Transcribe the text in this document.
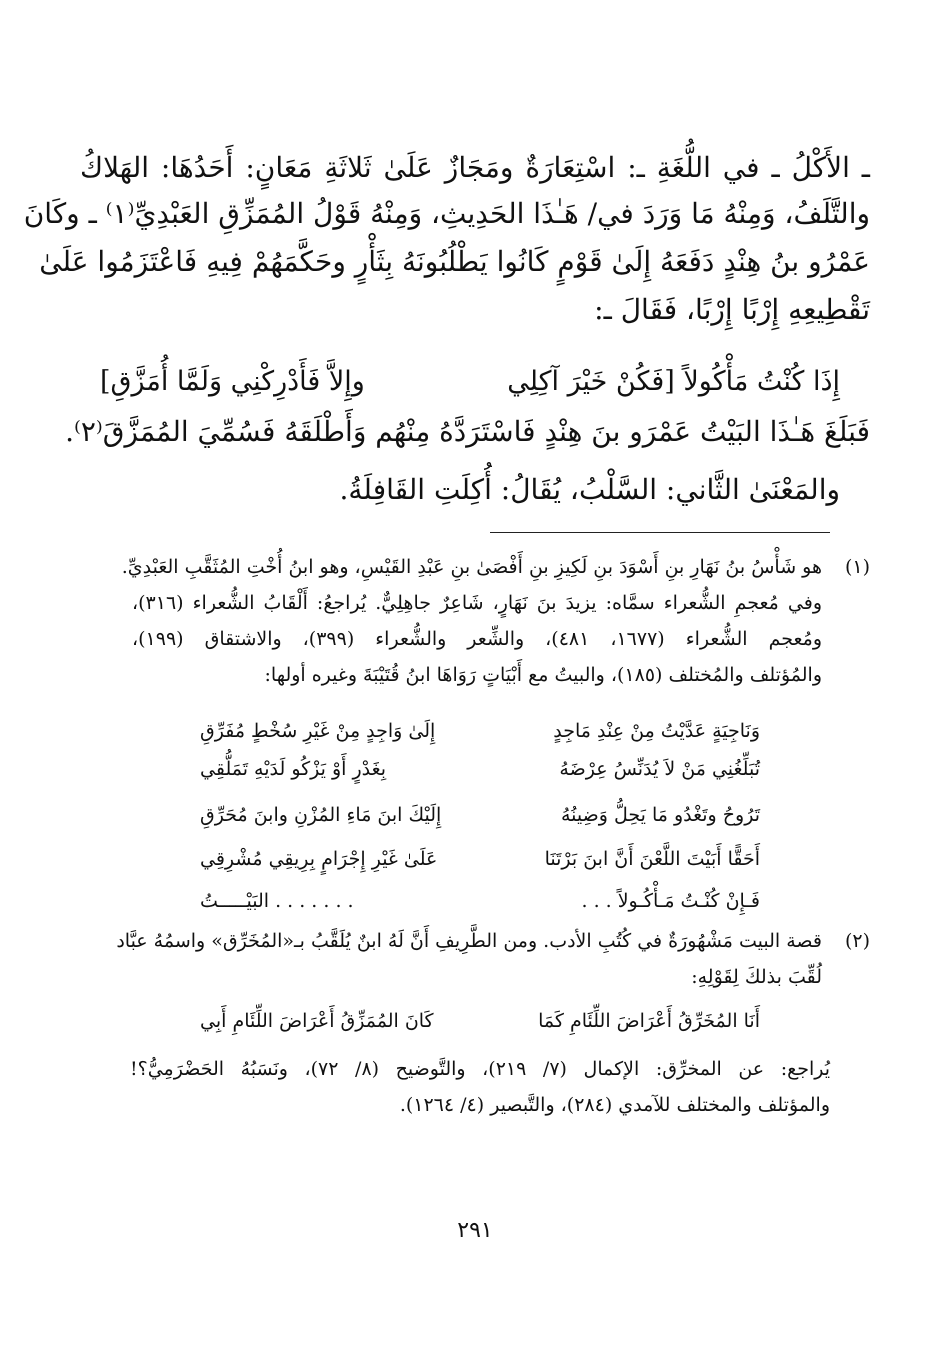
ـ الأَكْلُ ـ في اللُّغَةِ ـ: اسْتِعَارَةٌ ومَجَازٌ عَلَىٰ ثَلاثَةِ مَعَانٍ: أَحَدُهَا: الهَلاكُ
والتَّلَفُ، وَمِنْهُ مَا وَرَدَ في/ هَـٰذَا الحَدِيثِ، وَمِنْهُ قَوْلُ المُمَزِّقِ العَبْدِيِّ⁽١⁾ ـ وكَانَ
عَمْرُو بنُ هِنْدٍ دَفَعَهُ إِلَىٰ قَوْمٍ كَانُوا يَطْلُبُونَهُ بِثَأْرٍ وحَكَّمَهُمْ فِيهِ فَاعْتَزَمُوا عَلَىٰ
تَقْطِيعِهِ إِرْبًا إِرْبًا، فَقَالَ ـ:
إِذَا كُنْتُ مَأْكُولاً [فَكُنْ خَيْرَ آكِلِي
وإِلاَّ فَأَدْرِكْنِي وَلَمَّا أُمَزَّقِ]
فَبَلَغَ هَـٰذَا البَيْتُ عَمْرَو بنَ هِنْدٍ فَاسْتَرَدَّهُ مِنْهُم وَأَطْلَقَهُ فَسُمِّيَ المُمَزَّقَ⁽٢⁾.
والمَعْنَىٰ الثَّاني: السَّلْبُ، يُقَالُ: أُكِلَتِ القَافِلَةُ.
(١)
هو شَأْسُ بنُ نَهَارِ بنِ أَسْوَدَ بنِ لَكِيزِ بنِ أَفْصَىٰ بنِ عَبْدِ القَيْسِ، وهو ابنُ أُخْتِ المُثَقَّبِ العَبْدِيِّ.
وفي مُعجمِ الشُّعراء سمَّاه: يزيدَ بنَ نَهَارٍ، شَاعِرٌ جاهِلِيٌّ. يُراجعُ: أَلْقَابُ الشُّعراء (٣١٦)،
ومُعجم الشُّعراء (١٦٧٧، ٤٨١)، والشِّعر والشُّعراء (٣٩٩)، والاشتقاق (١٩٩)،
والمُؤتلف والمُختلف (١٨٥)، والبيتُ مع أَبْيَاتٍ رَوَاهَا ابنُ قُتَيْبَةَ وغيره أولها:
وَنَاجِيَةٍ عَدَّيْتُ مِنْ عِنْدِ مَاجِدٍ
إِلَىٰ وَاجِدٍ مِنْ غَيْرِ سُخْطٍ مُفَرِّقِ
تُبَلِّغُنِي مَنْ لاَ يُدَنِّسُ عِرْضَهُ
بِغَدْرٍ أَوْ يَزْكُو لَدَيْهِ تَمَلُّقِي
تَرُوحُ وتَغْدُو مَا يَحِلُّ وَضِينُهُ
إِلَيْكَ ابنَ مَاءِ المُزْنِ وابنَ مُحَرِّقِ
أَحَقًّا أَبَيْتَ اللَّعْنَ أَنَّ ابنَ بَرْتَنَا
عَلَىٰ غَيْرِ إِجْرَامٍ بِرِيقِي مُشْرِقِي
فَـإِنْ كُنْـتُ مَـأْكُـولاً . . .
. . . . . . . البَيْـــــتُ
(٢)
قصة البيت مَشْهُورَةٌ في كُتُبِ الأدب. ومن الطَّرِيفِ أَنَّ لَهُ ابنٌ يُلَقَّبُ بـ«المُخَرِّق» واسمُهُ عبَّاد
لُقِّبَ بذلكَ لِقَوْلِهِ:
أَنَا المُخَرِّقُ أَعْرَاضَ اللِّئَامِ كَمَا
كَانَ المُمَزِّقُ أَعْرَاضَ اللِّئَامِ أَبِي
يُراجع: عن المخرِّق: الإكمال (٧/ ٢١٩)، والتَّوضيح (٨/ ٧٢)، ونَسَبُهُ الحَضْرَمِيُّ؟!
والمؤتلف والمختلف للآمدي (٢٨٤)، والتَّبصير (٤/ ١٢٦٤).
٢٩١
